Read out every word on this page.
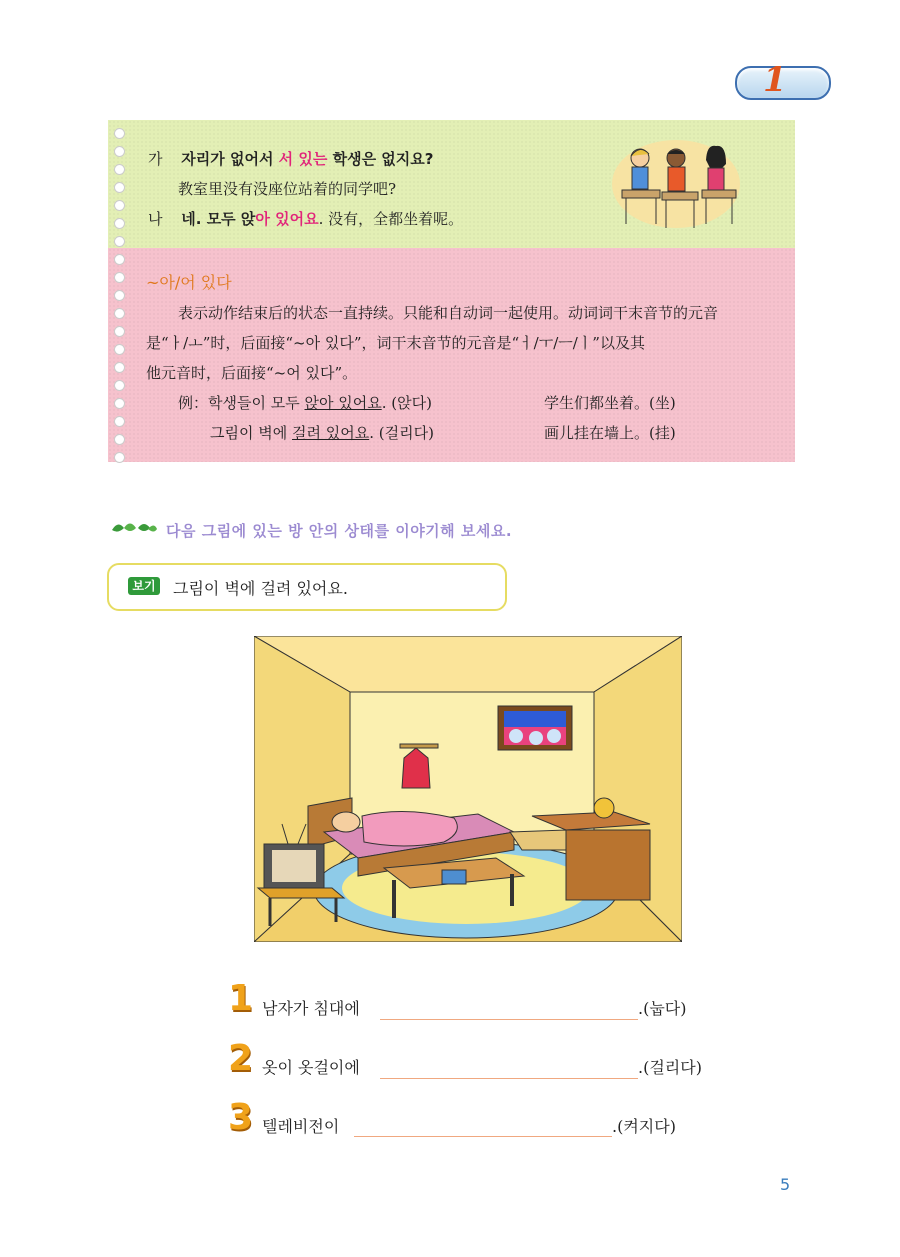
1
가 자리가 없어서 서 있는 학생은 없지요?
教室里没有没座位站着的同学吧?
나 네. 모두 앉아 있어요. 没有，全都坐着呢。
~아/어 있다
表示动作结束后的状态一直持续。只能和自动词一起使用。动词词干末音节的元音
是“ㅏ/ㅗ”时，后面接“~아 있다”，词干末音节的元音是“ㅓ/ㅜ/ㅡ/ㅣ”以及其
他元音时，后面接“~어 있다”。
例：학생들이 모두 앉아 있어요. (앉다)	学生们都坐着。(坐)
그림이 벽에 걸려 있어요. (걸리다)	画儿挂在墙上。(挂)
다음 그림에 있는 방 안의 상태를 이야기해 보세요.
보기 그림이 벽에 걸려 있어요.
1 남자가 침대에	.(눕다)
2 옷이 옷걸이에	.(걸리다)
3 텔레비전이	.(켜지다)
5
